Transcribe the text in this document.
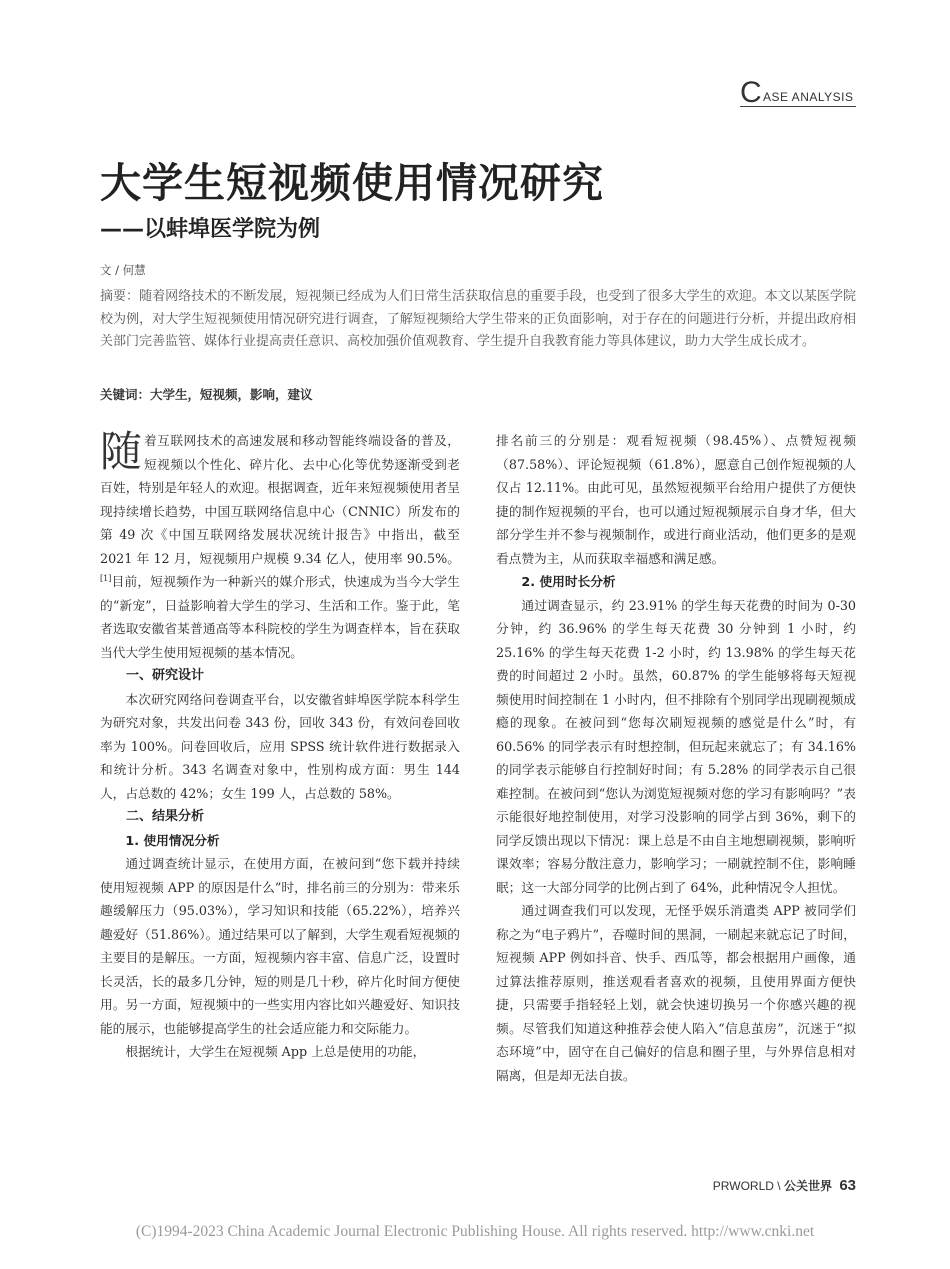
C ASE ANALYSIS
大学生短视频使用情况研究
——以蚌埠医学院为例
文 / 何慧
摘要：随着网络技术的不断发展，短视频已经成为人们日常生活获取信息的重要手段，也受到了很多大学生的欢迎。本文以某医学院校为例，对大学生短视频使用情况研究进行调查，了解短视频给大学生带来的正负面影响，对于存在的问题进行分析，并提出政府相关部门完善监管、媒体行业提高责任意识、高校加强价值观教育、学生提升自我教育能力等具体建议，助力大学生成长成才。
关键词：大学生，短视频，影响，建议

随着互联网技术的高速发展和移动智能终端设备的普及，短视频以个性化、碎片化、去中心化等优势逐渐受到老百姓，特别是年轻人的欢迎。根据调查，近年来短视频使用者呈现持续增长趋势，中国互联网络信息中心（CNNIC）所发布的第 49 次《中国互联网络发展状况统计报告》中指出，截至 2021 年 12 月，短视频用户规模 9.34 亿人，使用率 90.5%。[1]目前，短视频作为一种新兴的媒介形式，快速成为当今大学生的“新宠”，日益影响着大学生的学习、生活和工作。鉴于此，笔者选取安徽省某普通高等本科院校的学生为调查样本，旨在获取当代大学生使用短视频的基本情况。

一、研究设计

本次研究网络问卷调查平台，以安徽省蚌埠医学院本科学生为研究对象，共发出问卷 343 份，回收 343 份，有效问卷回收率为 100%。问卷回收后，应用 SPSS 统计软件进行数据录入和统计分析。343 名调查对象中，性别构成方面：男生 144 人，占总数的 42%；女生 199 人，占总数的 58%。

二、结果分析
1. 使用情况分析

通过调查统计显示，在使用方面，在被问到“您下载并持续使用短视频 APP 的原因是什么”时，排名前三的分别为：带来乐趣缓解压力（95.03%），学习知识和技能（65.22%），培养兴趣爱好（51.86%）。通过结果可以了解到，大学生观看短视频的主要目的是解压。一方面，短视频内容丰富、信息广泛，设置时长灵活，长的最多几分钟，短的则是几十秒，碎片化时间方便使用。另一方面，短视频中的一些实用内容比如兴趣爱好、知识技能的展示，也能够提高学生的社会适应能力和交际能力。

根据统计，大学生在短视频 App 上总是使用的功能，

排名前三的分别是：观看短视频（98.45%）、点赞短视频（87.58%）、评论短视频（61.8%），愿意自己创作短视频的人仅占 12.11%。由此可见，虽然短视频平台给用户提供了方便快捷的制作短视频的平台，也可以通过短视频展示自身才华，但大部分学生并不参与视频制作，或进行商业活动，他们更多的是观看点赞为主，从而获取幸福感和满足感。

2. 使用时长分析

通过调查显示，约 23.91% 的学生每天花费的时间为 0-30 分钟，约 36.96% 的学生每天花费 30 分钟到 1 小时，约 25.16% 的学生每天花费 1-2 小时，约 13.98% 的学生每天花费的时间超过 2 小时。虽然，60.87% 的学生能够将每天短视频使用时间控制在 1 小时内，但不排除有个别同学出现刷视频成瘾的现象。在被问到“您每次刷短视频的感觉是什么”时，有 60.56% 的同学表示有时想控制，但玩起来就忘了；有 34.16% 的同学表示能够自行控制好时间；有 5.28% 的同学表示自己很难控制。在被问到“您认为浏览短视频对您的学习有影响吗？”表示能很好地控制使用，对学习没影响的同学占到 36%，剩下的同学反馈出现以下情况：课上总是不由自主地想刷视频，影响听课效率；容易分散注意力，影响学习；一刷就控制不住，影响睡眠；这一大部分同学的比例占到了 64%，此种情况令人担忧。

通过调查我们可以发现，无怪乎娱乐消遣类 APP 被同学们称之为“电子鸦片”，吞噬时间的黑洞，一刷起来就忘记了时间，短视频 APP 例如抖音、快手、西瓜等，都会根据用户画像，通过算法推荐原则，推送观看者喜欢的视频，且使用界面方便快捷，只需要手指轻轻上划，就会快速切换另一个你感兴趣的视频。尽管我们知道这种推荐会使人陷入“信息茧房”，沉迷于“拟态环境”中，固守在自己偏好的信息和圈子里，与外界信息相对隔离，但是却无法自拔。

PRWORLD \ 公关世界 63
(C)1994-2023 China Academic Journal Electronic Publishing House. All rights reserved. http://www.cnki.net
